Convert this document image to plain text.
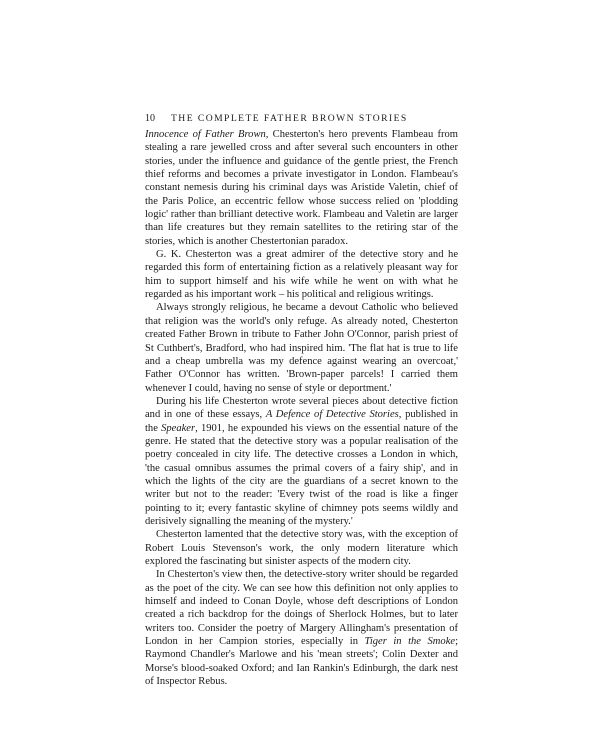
10	THE COMPLETE FATHER BROWN STORIES

Innocence of Father Brown, Chesterton's hero prevents Flambeau from stealing a rare jewelled cross and after several such encounters in other stories, under the influence and guidance of the gentle priest, the French thief reforms and becomes a private investigator in London. Flambeau's constant nemesis during his criminal days was Aristide Valetin, chief of the Paris Police, an eccentric fellow whose success relied on 'plodding logic' rather than brilliant detective work. Flambeau and Valetin are larger than life creatures but they remain satellites to the retiring star of the stories, which is another Chestertonian paradox.

G. K. Chesterton was a great admirer of the detective story and he regarded this form of entertaining fiction as a relatively pleasant way for him to support himself and his wife while he went on with what he regarded as his important work – his political and religious writings.

Always strongly religious, he became a devout Catholic who believed that religion was the world's only refuge. As already noted, Chesterton created Father Brown in tribute to Father John O'Connor, parish priest of St Cuthbert's, Bradford, who had inspired him. 'The flat hat is true to life and a cheap umbrella was my defence against wearing an overcoat,' Father O'Connor has written. 'Brown-paper parcels! I carried them whenever I could, having no sense of style or deportment.'

During his life Chesterton wrote several pieces about detective fiction and in one of these essays, A Defence of Detective Stories, published in the Speaker, 1901, he expounded his views on the essential nature of the genre. He stated that the detective story was a popular realisation of the poetry concealed in city life. The detective crosses a London in which, 'the casual omnibus assumes the primal covers of a fairy ship', and in which the lights of the city are the guardians of a secret known to the writer but not to the reader: 'Every twist of the road is like a finger pointing to it; every fantastic skyline of chimney pots seems wildly and derisively signalling the meaning of the mystery.'

Chesterton lamented that the detective story was, with the exception of Robert Louis Stevenson's work, the only modern literature which explored the fascinating but sinister aspects of the modern city.

In Chesterton's view then, the detective-story writer should be regarded as the poet of the city. We can see how this definition not only applies to himself and indeed to Conan Doyle, whose deft descriptions of London created a rich backdrop for the doings of Sherlock Holmes, but to later writers too. Consider the poetry of Margery Allingham's presentation of London in her Campion stories, especially in Tiger in the Smoke; Raymond Chandler's Marlowe and his 'mean streets'; Colin Dexter and Morse's blood-soaked Oxford; and Ian Rankin's Edinburgh, the dark nest of Inspector Rebus.
